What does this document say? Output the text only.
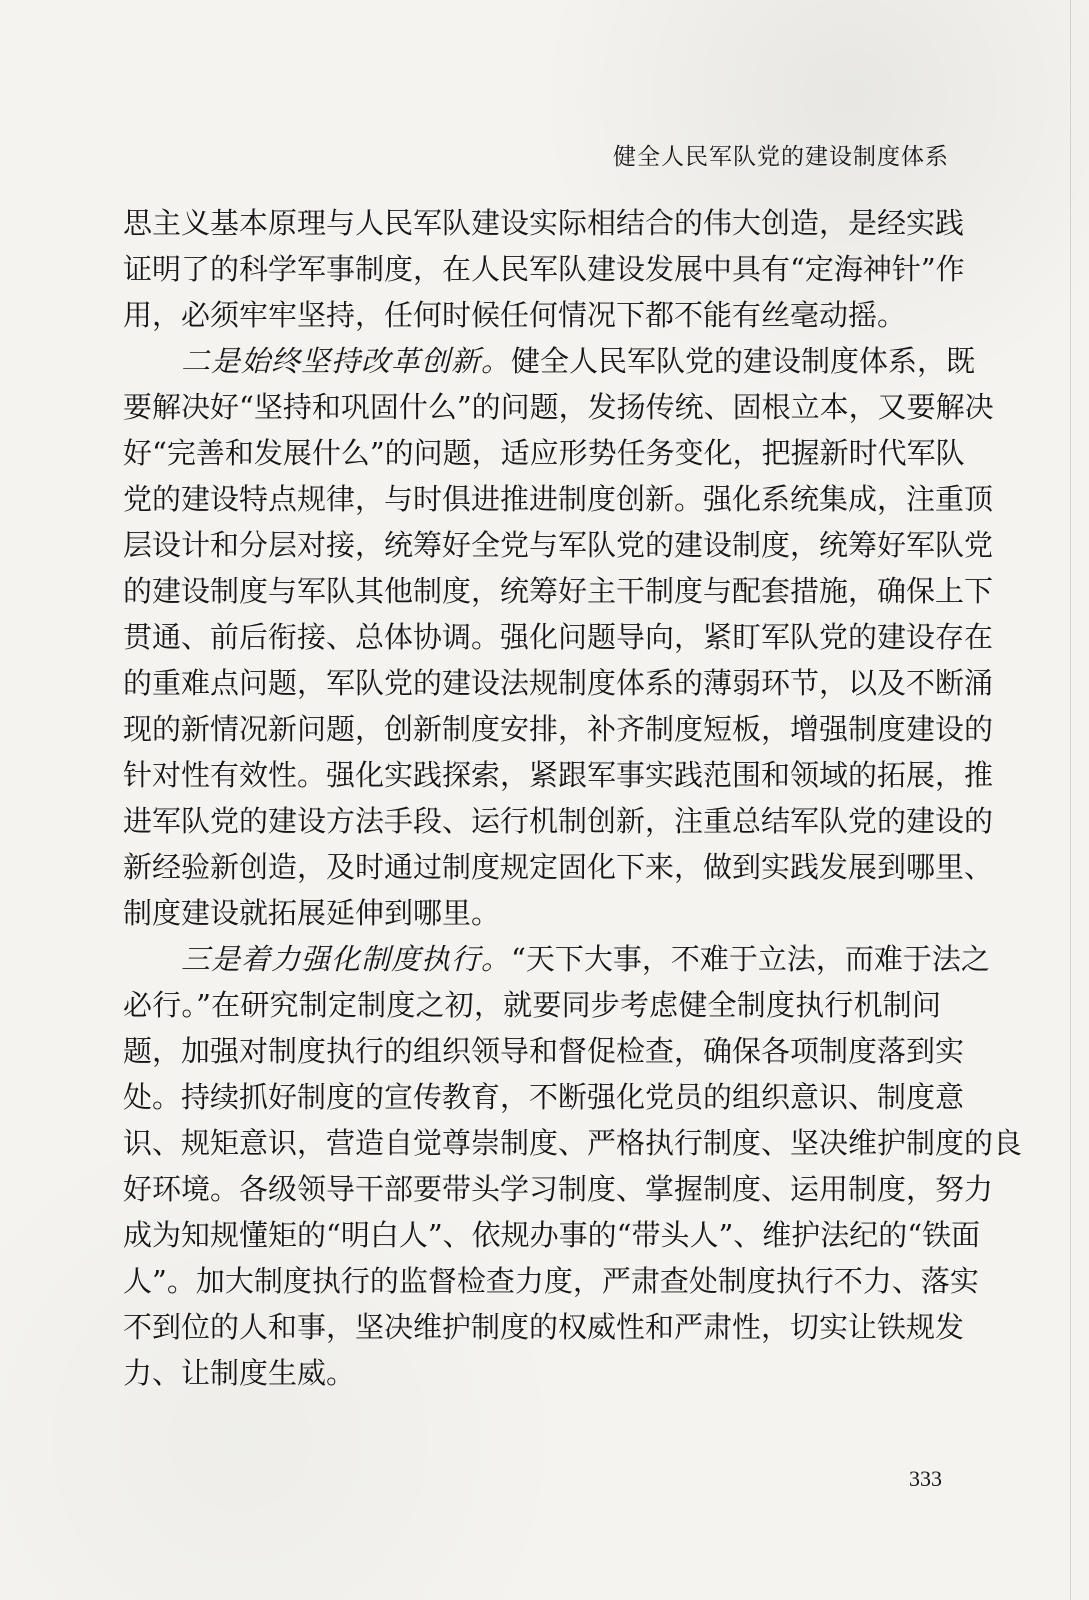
健全人民军队党的建设制度体系
思主义基本原理与人民军队建设实际相结合的伟大创造，是经实践
证明了的科学军事制度，在人民军队建设发展中具有“定海神针”作
用，必须牢牢坚持，任何时候任何情况下都不能有丝毫动摇。
二是始终坚持改革创新。健全人民军队党的建设制度体系，既
要解决好“坚持和巩固什么”的问题，发扬传统、固根立本，又要解决
好“完善和发展什么”的问题，适应形势任务变化，把握新时代军队
党的建设特点规律，与时俱进推进制度创新。强化系统集成，注重顶
层设计和分层对接，统筹好全党与军队党的建设制度，统筹好军队党
的建设制度与军队其他制度，统筹好主干制度与配套措施，确保上下
贯通、前后衔接、总体协调。强化问题导向，紧盯军队党的建设存在
的重难点问题，军队党的建设法规制度体系的薄弱环节，以及不断涌
现的新情况新问题，创新制度安排，补齐制度短板，增强制度建设的
针对性有效性。强化实践探索，紧跟军事实践范围和领域的拓展，推
进军队党的建设方法手段、运行机制创新，注重总结军队党的建设的
新经验新创造，及时通过制度规定固化下来，做到实践发展到哪里、
制度建设就拓展延伸到哪里。
三是着力强化制度执行。“天下大事，不难于立法，而难于法之
必行。”在研究制定制度之初，就要同步考虑健全制度执行机制问
题，加强对制度执行的组织领导和督促检查，确保各项制度落到实
处。持续抓好制度的宣传教育，不断强化党员的组织意识、制度意
识、规矩意识，营造自觉尊崇制度、严格执行制度、坚决维护制度的良
好环境。各级领导干部要带头学习制度、掌握制度、运用制度，努力
成为知规懂矩的“明白人”、依规办事的“带头人”、维护法纪的“铁面
人”。加大制度执行的监督检查力度，严肃查处制度执行不力、落实
不到位的人和事，坚决维护制度的权威性和严肃性，切实让铁规发
力、让制度生威。
333
